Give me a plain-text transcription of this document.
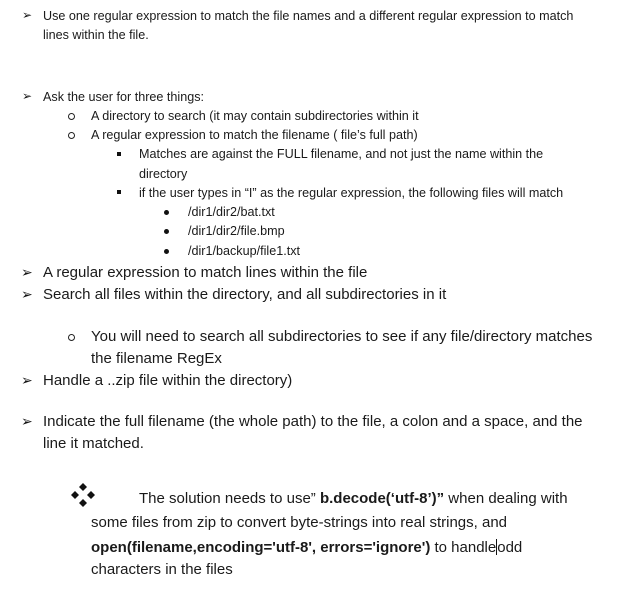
➢ Use one regular expression to match the file names and a different regular expression to match
lines within the file.
➢ Ask the user for three things:
A directory to search (it may contain subdirectories within it
A regular expression to match the filename ( file’s full path)
Matches are against the FULL filename, and not just the name within the
directory
if the user types in “I” as the regular expression, the following files will match
/dir1/dir2/bat.txt
/dir1/dir2/file.bmp
/dir1/backup/file1.txt
➢ A regular expression to match lines within the file
➢ Search all files within the directory, and all subdirectories in it
You will need to search all subdirectories to see if any file/directory matches
the filename RegEx
➢ Handle a ..zip file within the directory)
➢ Indicate the full filename (the whole path) to the file, a colon and a space, and the
line it matched.
The solution needs to use” b.decode(‘utf-8’)” when dealing with
some files from zip to convert byte-strings into real strings, and
open(filename,encoding='utf-8', errors='ignore') to handleodd
characters in the files
